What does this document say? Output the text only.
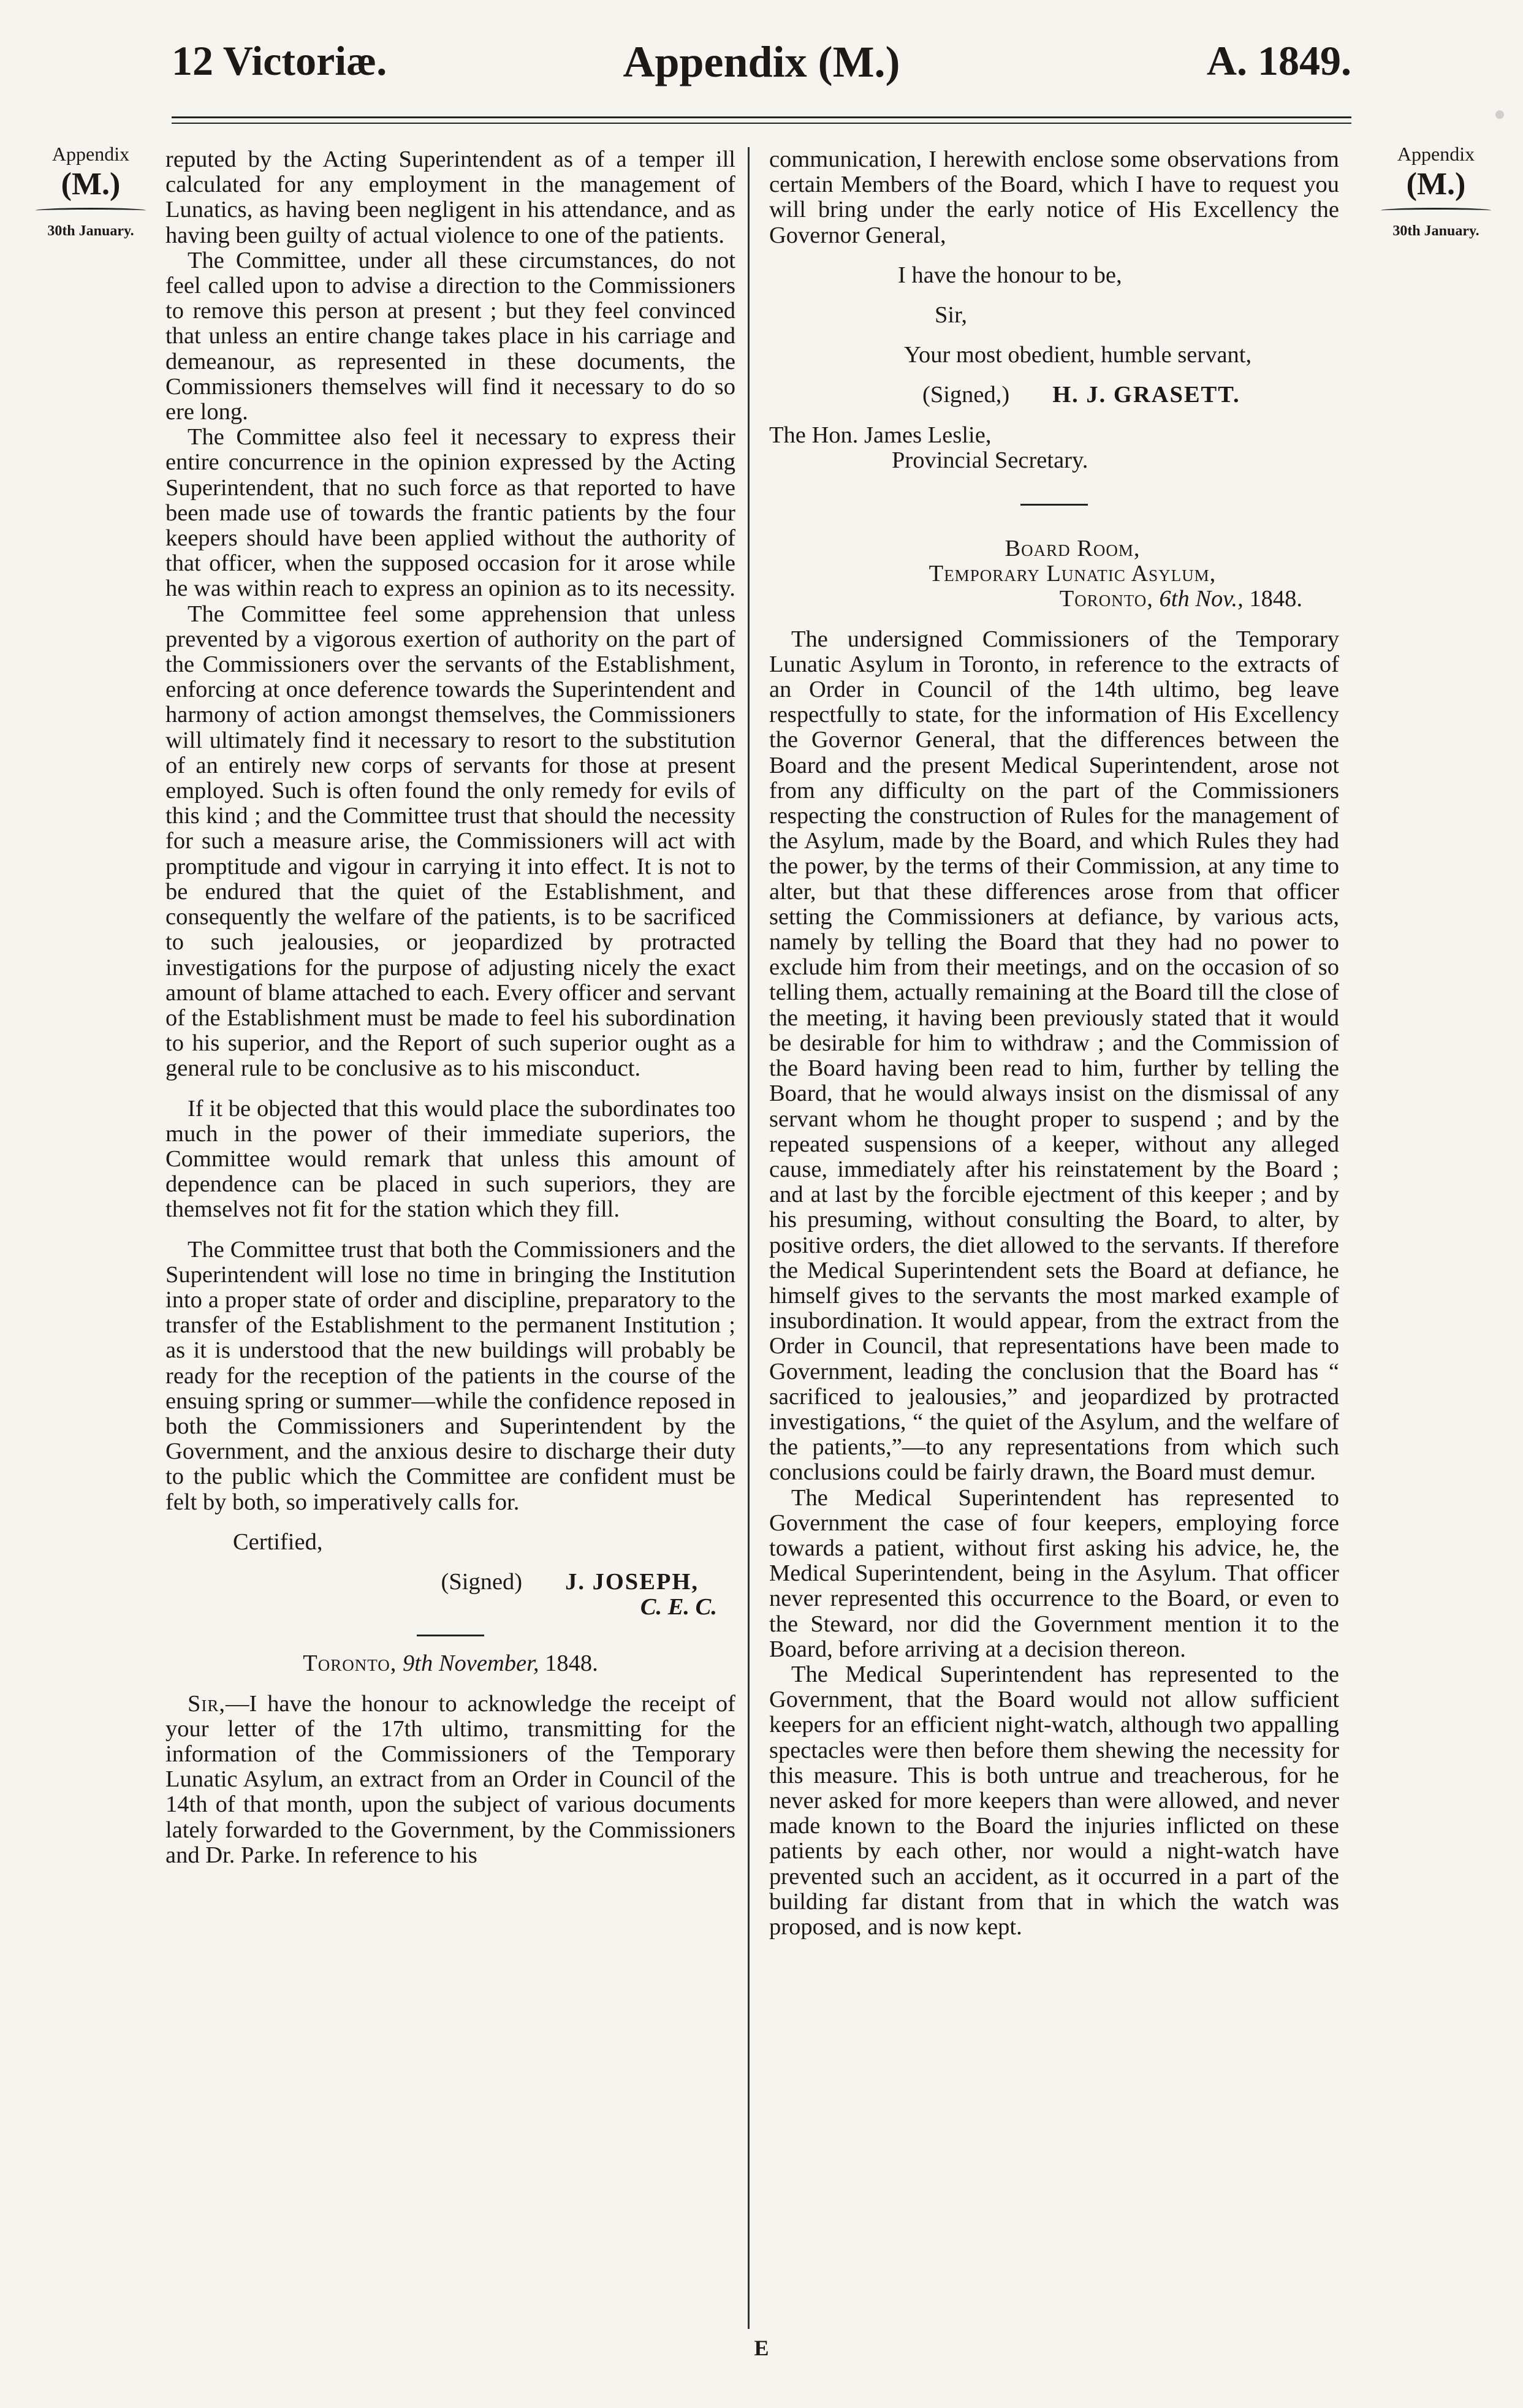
12 Victoriæ.	Appendix (M.)	A. 1849.
Appendix
(M.)
30th January.
Appendix
(M.)
30th January.

reputed by the Acting Superintendent as of a temper ill calculated for any employment in the management of Lunatics, as having been negligent in his attendance, and as having been guilty of actual violence to one of the patients.

The Committee, under all these circumstances, do not feel called upon to advise a direction to the Commissioners to remove this person at present ; but they feel convinced that unless an entire change takes place in his carriage and demeanour, as represented in these documents, the Commissioners themselves will find it necessary to do so ere long.

The Committee also feel it necessary to express their entire concurrence in the opinion expressed by the Acting Superintendent, that no such force as that reported to have been made use of towards the frantic patients by the four keepers should have been applied without the authority of that officer, when the supposed occasion for it arose while he was within reach to express an opinion as to its necessity.

The Committee feel some apprehension that unless prevented by a vigorous exertion of authority on the part of the Commissioners over the servants of the Establishment, enforcing at once deference towards the Superintendent and harmony of action amongst themselves, the Commissioners will ultimately find it necessary to resort to the substitution of an entirely new corps of servants for those at present employed. Such is often found the only remedy for evils of this kind ; and the Committee trust that should the necessity for such a measure arise, the Commissioners will act with promptitude and vigour in carrying it into effect. It is not to be endured that the quiet of the Establishment, and consequently the welfare of the patients, is to be sacrificed to such jealousies, or jeopardized by protracted investigations for the purpose of adjusting nicely the exact amount of blame attached to each. Every officer and servant of the Establishment must be made to feel his subordination to his superior, and the Report of such superior ought as a general rule to be conclusive as to his misconduct.

If it be objected that this would place the subordinates too much in the power of their immediate superiors, the Committee would remark that unless this amount of dependence can be placed in such superiors, they are themselves not fit for the station which they fill.

The Committee trust that both the Commissioners and the Superintendent will lose no time in bringing the Institution into a proper state of order and discipline, preparatory to the transfer of the Establishment to the permanent Institution ; as it is understood that the new buildings will probably be ready for the reception of the patients in the course of the ensuing spring or summer—while the confidence reposed in both the Commissioners and Superintendent by the Government, and the anxious desire to discharge their duty to the public which the Committee are confident must be felt by both, so imperatively calls for.

Certified,

(Signed) J. JOSEPH,

C. E. C.

Toronto, 9th November, 1848.

Sir,—I have the honour to acknowledge the receipt of your letter of the 17th ultimo, transmitting for the information of the Commissioners of the Temporary Lunatic Asylum, an extract from an Order in Council of the 14th of that month, upon the subject of various documents lately forwarded to the Government, by the Commissioners and Dr. Parke. In reference to his

communication, I herewith enclose some observations from certain Members of the Board, which I have to request you will bring under the early notice of His Excellency the Governor General,

I have the honour to be,

Sir,

Your most obedient, humble servant,

(Signed,) H. J. GRASETT.

The Hon. James Leslie,

Provincial Secretary.

Board Room,

Temporary Lunatic Asylum,

Toronto, 6th Nov., 1848.

The undersigned Commissioners of the Temporary Lunatic Asylum in Toronto, in reference to the extracts of an Order in Council of the 14th ultimo, beg leave respectfully to state, for the information of His Excellency the Governor General, that the differences between the Board and the present Medical Superintendent, arose not from any difficulty on the part of the Commissioners respecting the construction of Rules for the management of the Asylum, made by the Board, and which Rules they had the power, by the terms of their Commission, at any time to alter, but that these differences arose from that officer setting the Commissioners at defiance, by various acts, namely by telling the Board that they had no power to exclude him from their meetings, and on the occasion of so telling them, actually remaining at the Board till the close of the meeting, it having been previously stated that it would be desirable for him to withdraw ; and the Commission of the Board having been read to him, further by telling the Board, that he would always insist on the dismissal of any servant whom he thought proper to suspend ; and by the repeated suspensions of a keeper, without any alleged cause, immediately after his reinstatement by the Board ; and at last by the forcible ejectment of this keeper ; and by his presuming, without consulting the Board, to alter, by positive orders, the diet allowed to the servants. If therefore the Medical Superintendent sets the Board at defiance, he himself gives to the servants the most marked example of insubordination. It would appear, from the extract from the Order in Council, that representations have been made to Government, leading the conclusion that the Board has “ sacrificed to jealousies,” and jeopardized by protracted investigations, “ the quiet of the Asylum, and the welfare of the patients,”—to any representations from which such conclusions could be fairly drawn, the Board must demur.

The Medical Superintendent has represented to Government the case of four keepers, employing force towards a patient, without first asking his advice, he, the Medical Superintendent, being in the Asylum. That officer never represented this occurrence to the Board, or even to the Steward, nor did the Government mention it to the Board, before arriving at a decision thereon.

The Medical Superintendent has represented to the Government, that the Board would not allow sufficient keepers for an efficient night-watch, although two appalling spectacles were then before them shewing the necessity for this measure. This is both untrue and treacherous, for he never asked for more keepers than were allowed, and never made known to the Board the injuries inflicted on these patients by each other, nor would a night-watch have prevented such an accident, as it occurred in a part of the building far distant from that in which the watch was proposed, and is now kept.

E
